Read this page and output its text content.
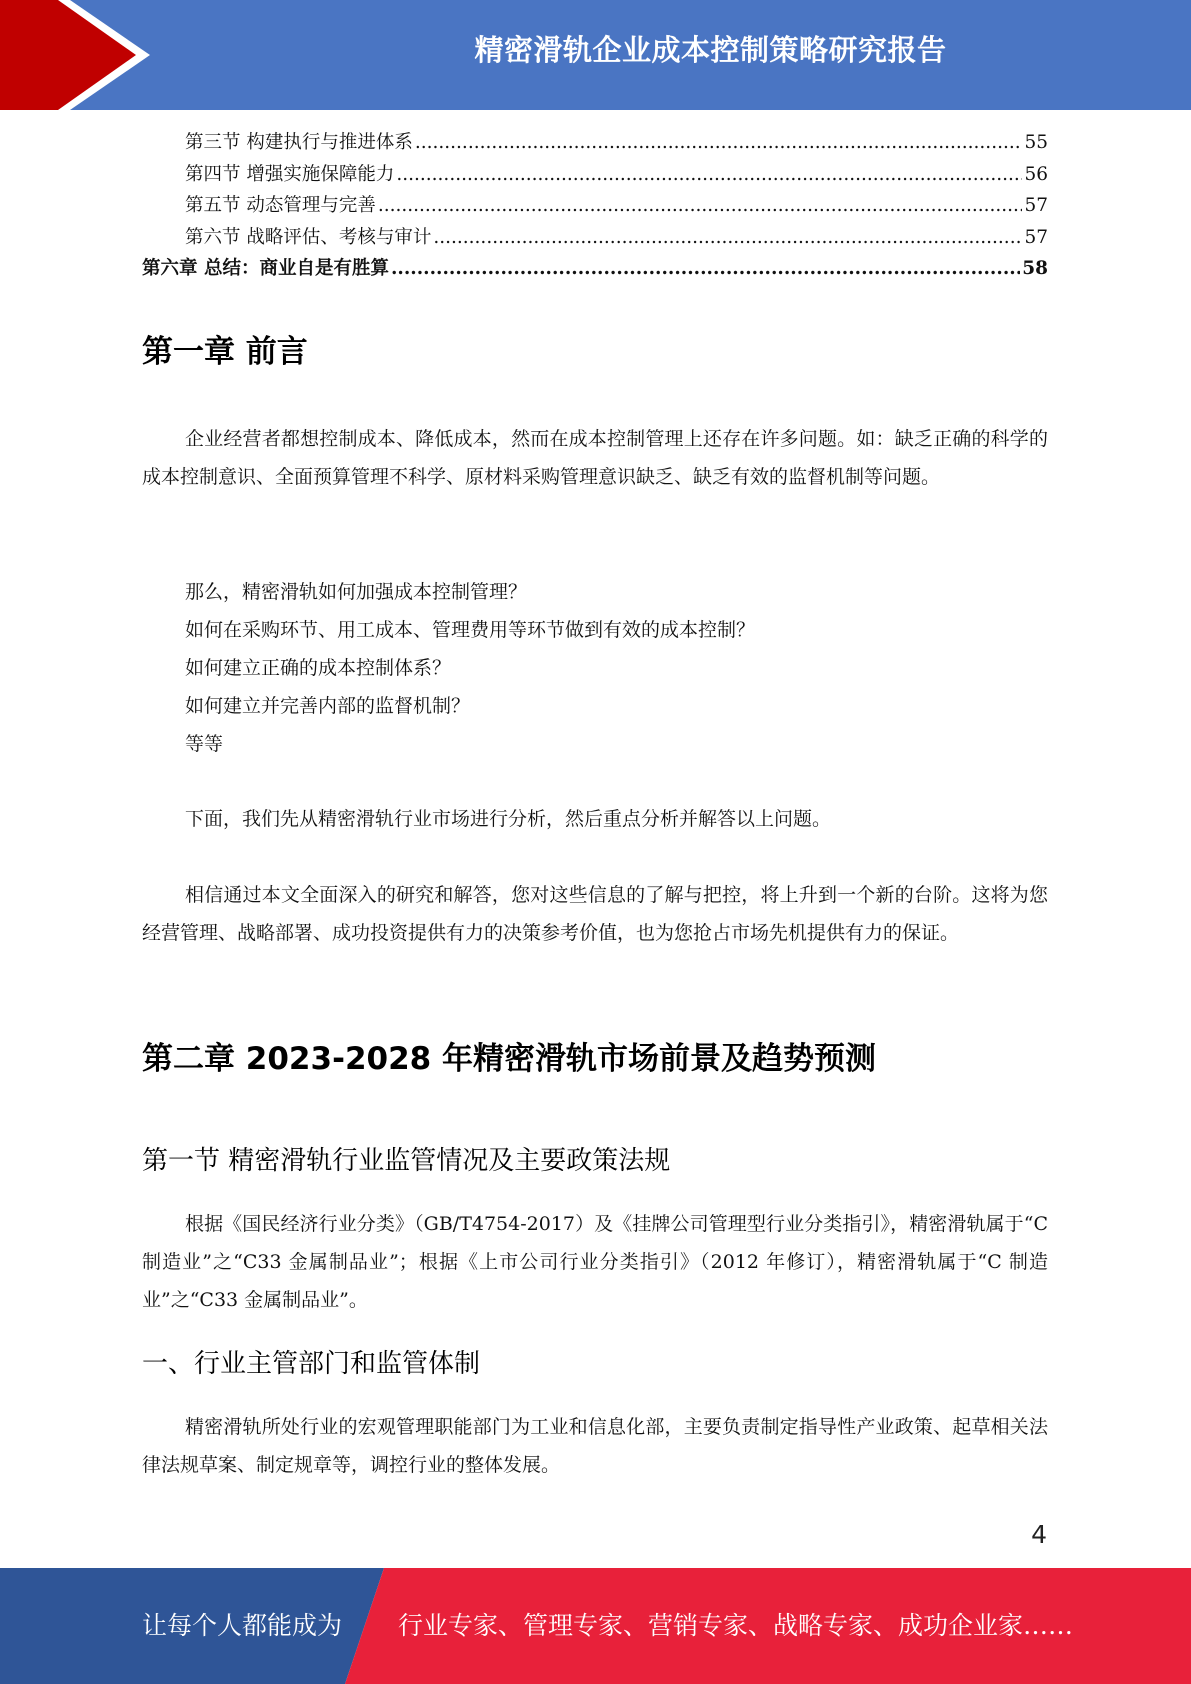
精密滑轨企业成本控制策略研究报告
第三节 构建执行与推进体系 .....	55
第四节 增强实施保障能力 .....	56
第五节 动态管理与完善 .....	57
第六节 战略评估、考核与审计 .....	57
第六章 总结：商业自是有胜算 .....	58
第一章 前言
企业经营者都想控制成本、降低成本，然而在成本控制管理上还存在许多问题。如：缺乏正确的科学的成本控制意识、全面预算管理不科学、原材料采购管理意识缺乏、缺乏有效的监督机制等问题。
那么，精密滑轨如何加强成本控制管理？
如何在采购环节、用工成本、管理费用等环节做到有效的成本控制？
如何建立正确的成本控制体系？
如何建立并完善内部的监督机制？
等等
下面，我们先从精密滑轨行业市场进行分析，然后重点分析并解答以上问题。
相信通过本文全面深入的研究和解答，您对这些信息的了解与把控，将上升到一个新的台阶。这将为您经营管理、战略部署、成功投资提供有力的决策参考价值，也为您抢占市场先机提供有力的保证。
第二章 2023-2028 年精密滑轨市场前景及趋势预测
第一节 精密滑轨行业监管情况及主要政策法规
根据《国民经济行业分类》（GB/T4754-2017）及《挂牌公司管理型行业分类指引》，精密滑轨属于“C 制造业”之“C33 金属制品业”；根据《上市公司行业分类指引》（2012 年修订），精密滑轨属于“C 制造业”之“C33 金属制品业”。
一、行业主管部门和监管体制
精密滑轨所处行业的宏观管理职能部门为工业和信息化部，主要负责制定指导性产业政策、起草相关法律法规草案、制定规章等，调控行业的整体发展。
4
让每个人都能成为 行业专家、管理专家、营销专家、战略专家、成功企业家……
